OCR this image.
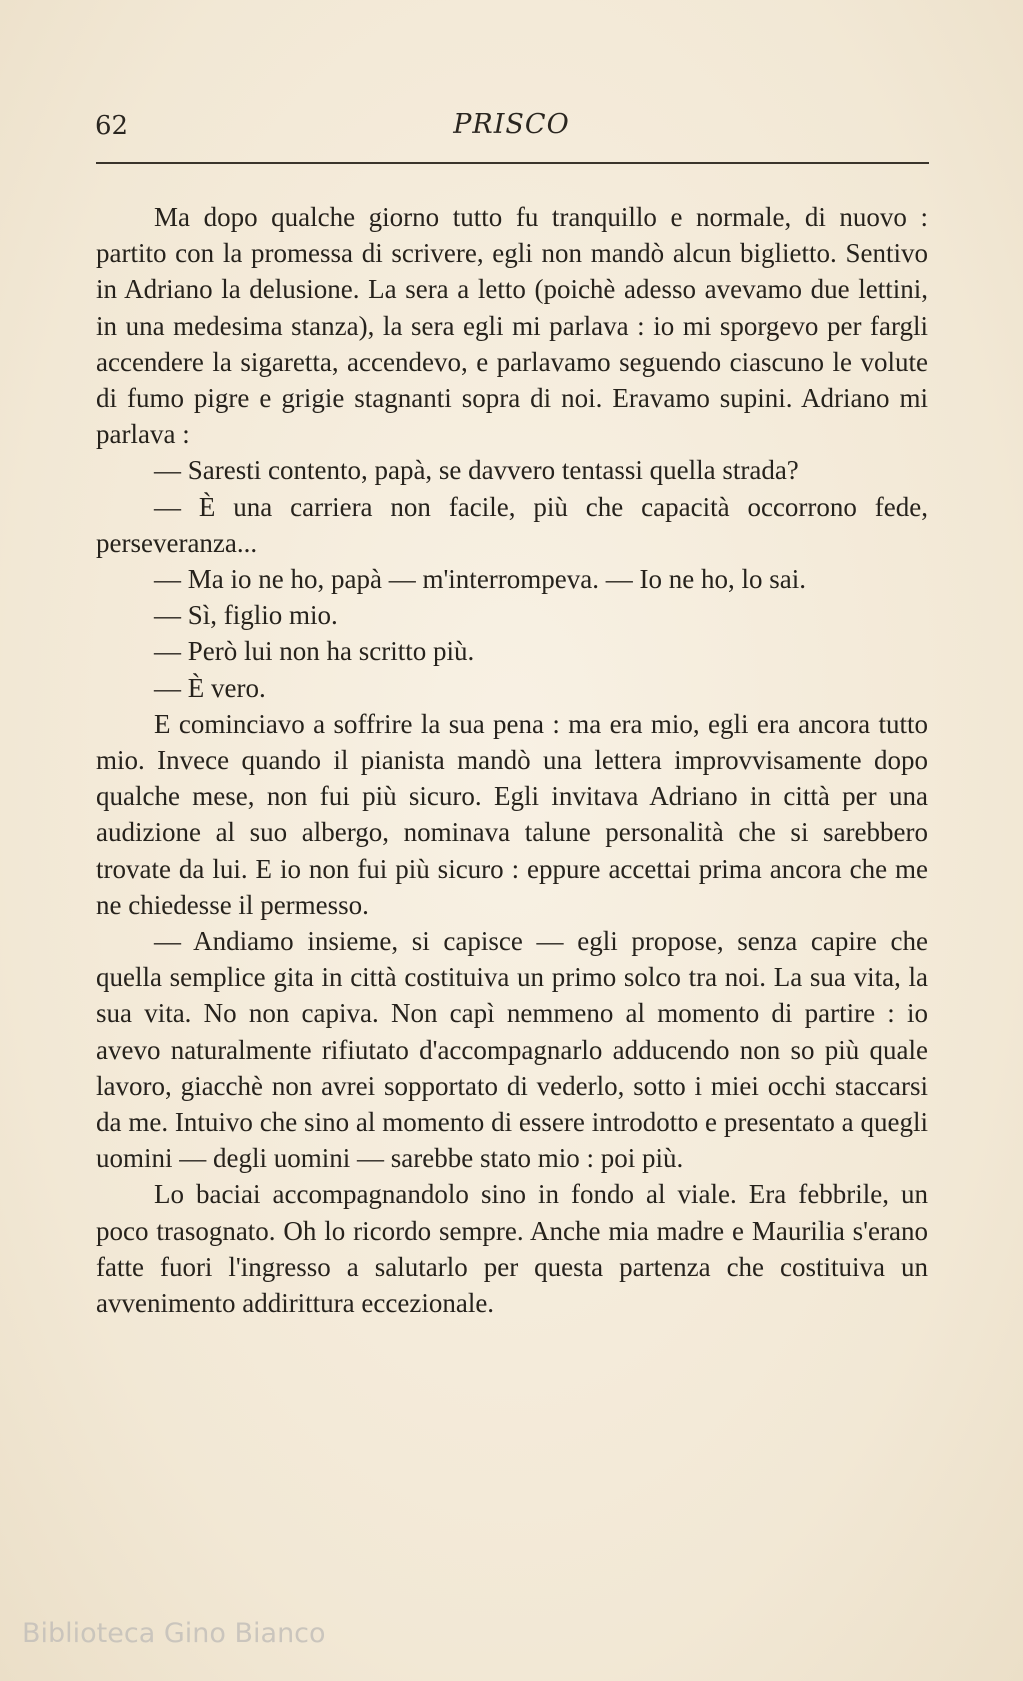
62	PRISCO

Ma dopo qualche giorno tutto fu tranquillo e normale, di nuovo : partito con la promessa di scrivere, egli non mandò alcun biglietto. Sentivo in Adriano la delusione. La sera a letto (poichè adesso avevamo due lettini, in una medesima stanza), la sera egli mi parlava : io mi sporgevo per fargli accenderе la sigaretta, accendevo, e parlavamo seguendo ciascuno le volute di fumo pigre e grigie stagnanti sopra di noi. Eravamo supini. Adriano mi parlava :

— Saresti contento, papà, se davvero tentassi quella strada?

— È una carriera non facile, più che capacità occorrono fede, perseveranza...

— Ma io ne ho, papà — m'interrompeva. — Io ne ho, lo sai.

— Sì, figlio mio.

— Però lui non ha scritto più.

— È vero.

E cominciavo a soffrire la sua pena : ma era mio, egli era ancora tutto mio. Invece quando il pianista mandò una lettera improvvisamente dopo qualche mese, non fui più sicuro. Egli invitava Adriano in città per una audizione al suo albergo, nominava talune personalità che si sarebbero trovate da lui. E io non fui più sicuro : eppure accettai prima ancora che me ne chiedesse il permesso.

— Andiamo insieme, si capisce — egli propose, senza capire che quella semplice gita in città costituiva un primo solco tra noi. La sua vita, la sua vita. No non capiva. Non capì nemmeno al momento di partire : io avevo naturalmente rifiutato d'accompagnarlo adducendo non so più quale lavoro, giacchè non avrei sopportato di vederlo, sotto i miei occhi staccarsi da me. Intuivo che sino al momento di essere introdotto e presentato a quegli uomini — degli uomini — sarebbe stato mio : poi più.

Lo baciai accompagnandolo sino in fondo al viale. Era febbrile, un poco trasognato. Oh lo ricordo sempre. Anche mia madre e Maurilia s'erano fatte fuori l'ingresso a salutarlo per questa partenza che costituiva un avvenimento addirittura eccezionale.

Biblioteca Gino Bianco
